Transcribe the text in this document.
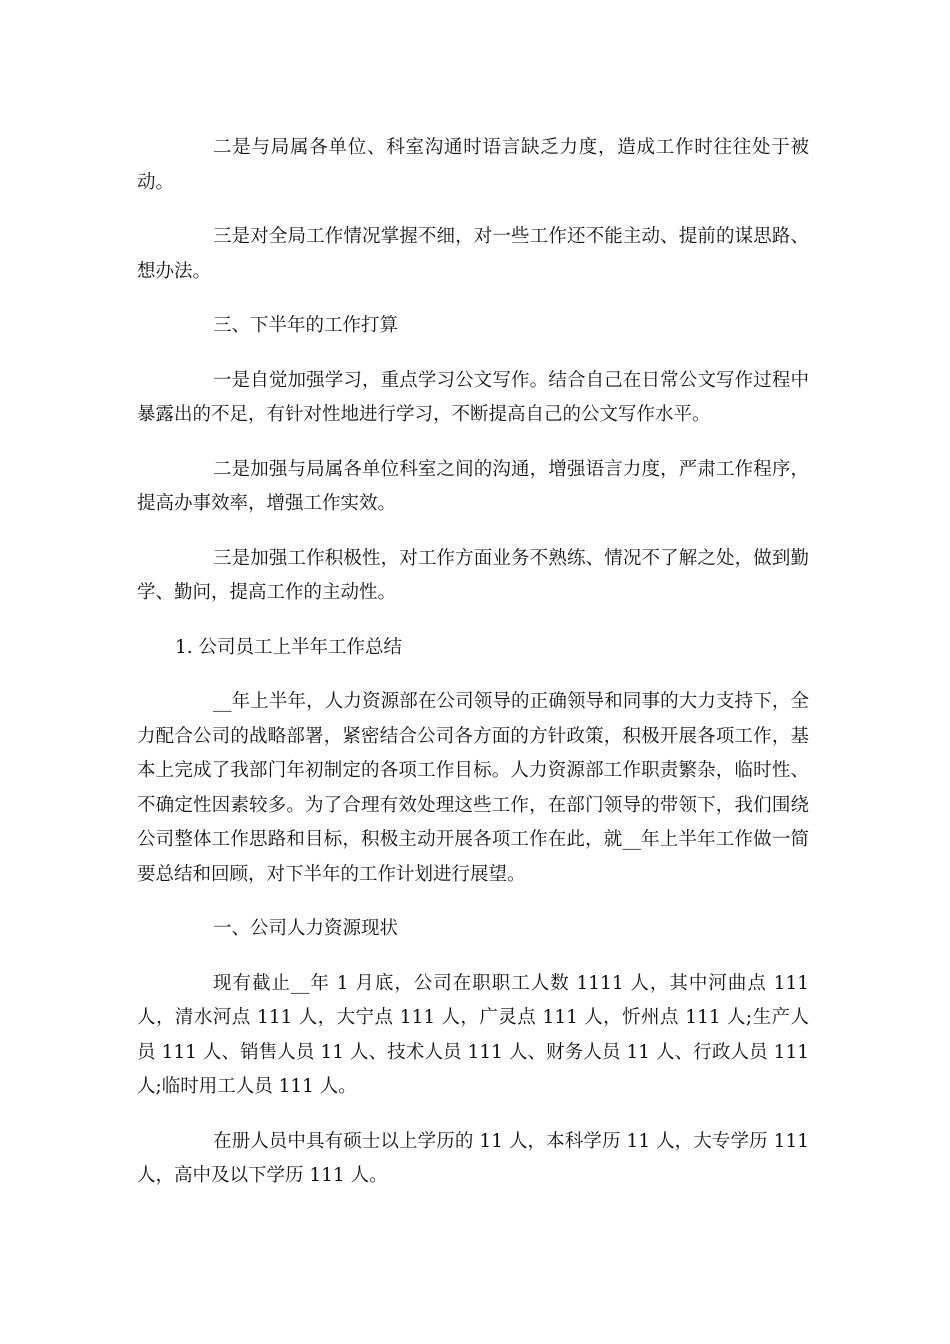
二是与局属各单位、科室沟通时语言缺乏力度，造成工作时往往处于被动。

三是对全局工作情况掌握不细，对一些工作还不能主动、提前的谋思路、想办法。

三、下半年的工作打算

一是自觉加强学习，重点学习公文写作。结合自己在日常公文写作过程中暴露出的不足，有针对性地进行学习，不断提高自己的公文写作水平。

二是加强与局属各单位科室之间的沟通，增强语言力度，严肃工作程序，提高办事效率，增强工作实效。

三是加强工作积极性，对工作方面业务不熟练、情况不了解之处，做到勤学、勤问，提高工作的主动性。

1. 公司员工上半年工作总结

__年上半年，人力资源部在公司领导的正确领导和同事的大力支持下，全力配合公司的战略部署，紧密结合公司各方面的方针政策，积极开展各项工作，基本上完成了我部门年初制定的各项工作目标。人力资源部工作职责繁杂，临时性、不确定性因素较多。为了合理有效处理这些工作，在部门领导的带领下，我们围绕公司整体工作思路和目标，积极主动开展各项工作在此，就__年上半年工作做一简要总结和回顾，对下半年的工作计划进行展望。

一、公司人力资源现状

现有截止__年 1 月底，公司在职职工人数 1111 人，其中河曲点 111 人，清水河点 111 人，大宁点 111 人，广灵点 111 人，忻州点 111 人;生产人员 111 人、销售人员 11 人、技术人员 111 人、财务人员 11 人、行政人员 111 人;临时用工人员 111 人。

在册人员中具有硕士以上学历的 11 人，本科学历 11 人，大专学历 111 人，高中及以下学历 111 人。
